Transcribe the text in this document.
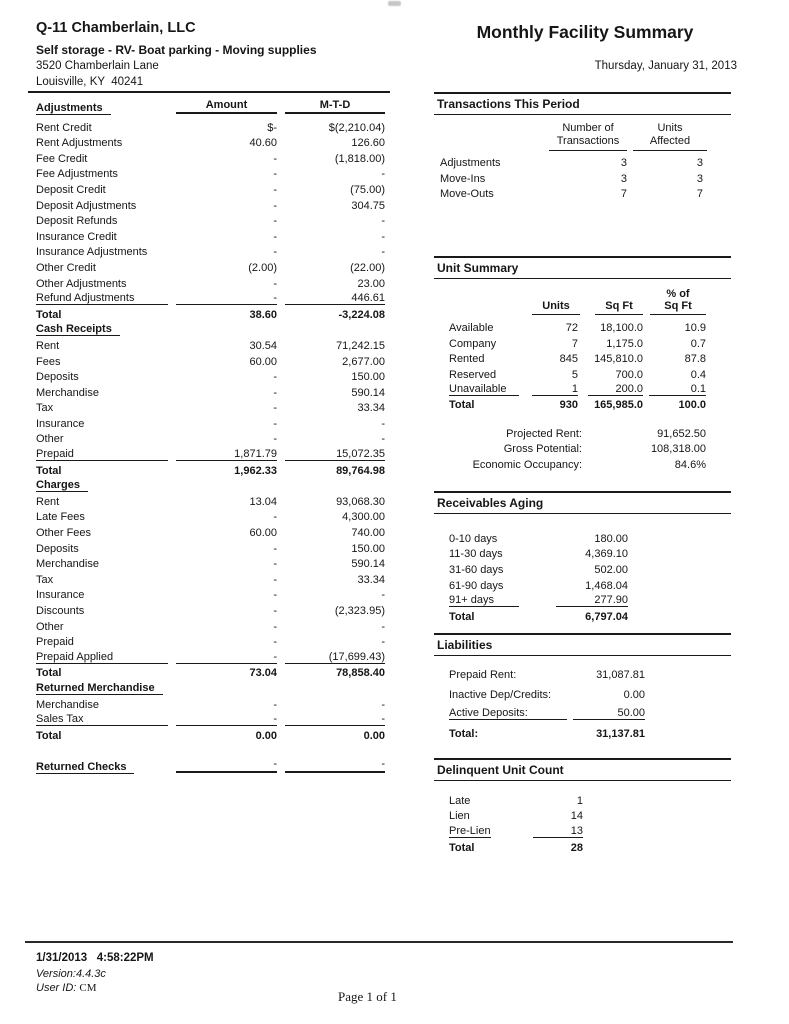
Q-11 Chamberlain, LLC
Self storage - RV- Boat parking - Moving supplies
3520 Chamberlain Lane
Louisville, KY  40241
Monthly Facility Summary
Thursday, January 31, 2013
Adjustments	Amount	M-T-D
Rent Credit	$-	$(2,210.04)
Rent Adjustments	40.60	126.60
Fee Credit	-	(1,818.00)
Fee Adjustments	-	-
Deposit Credit	-	(75.00)
Deposit Adjustments	-	304.75
Deposit Refunds	-	-
Insurance Credit	-	-
Insurance Adjustments	-	-
Other Credit	(2.00)	(22.00)
Other Adjustments	-	23.00
Refund Adjustments	-	446.61
Total	38.60	-3,224.08
Cash Receipts
Rent	30.54	71,242.15
Fees	60.00	2,677.00
Deposits	-	150.00
Merchandise	-	590.14
Tax	-	33.34
Insurance	-	-
Other	-	-
Prepaid	1,871.79	15,072.35
Total	1,962.33	89,764.98
Charges
Rent	13.04	93,068.30
Late Fees	-	4,300.00
Other Fees	60.00	740.00
Deposits	-	150.00
Merchandise	-	590.14
Tax	-	33.34
Insurance	-	-
Discounts	-	(2,323.95)
Other	-	-
Prepaid	-	-
Prepaid Applied	-	(17,699.43)
Total	73.04	78,858.40
Returned Merchandise
Merchandise	-	-
Sales Tax	-	-
Total	0.00	0.00
Returned Checks	-	-
Transactions This Period
Number of
Transactions
Units
Affected
Adjustments	3	3
Move-Ins	3	3
Move-Outs	7	7
Unit Summary
% of
Units	Sq Ft	Sq Ft
Available	72	18,100.0	10.9
Company	7	1,175.0	0.7
Rented	845	145,810.0	87.8
Reserved	5	700.0	0.4
Unavailable	1	200.0	0.1
Total	930	165,985.0	100.0
Projected Rent:	91,652.50
Gross Potential:	108,318.00
Economic Occupancy:	84.6%
Receivables Aging
0-10 days	180.00
11-30 days	4,369.10
31-60 days	502.00
61-90 days	1,468.04
91+ days	277.90
Total	6,797.04
Liabilities
Prepaid Rent:	31,087.81
Inactive Dep/Credits:	0.00
Active Deposits:	50.00
Total:	31,137.81
Delinquent Unit Count
Late	1
Lien	14
Pre-Lien	13
Total	28
1/31/2013   4:58:22PM
Version:4.4.3c
User ID: CM
Page 1 of 1
